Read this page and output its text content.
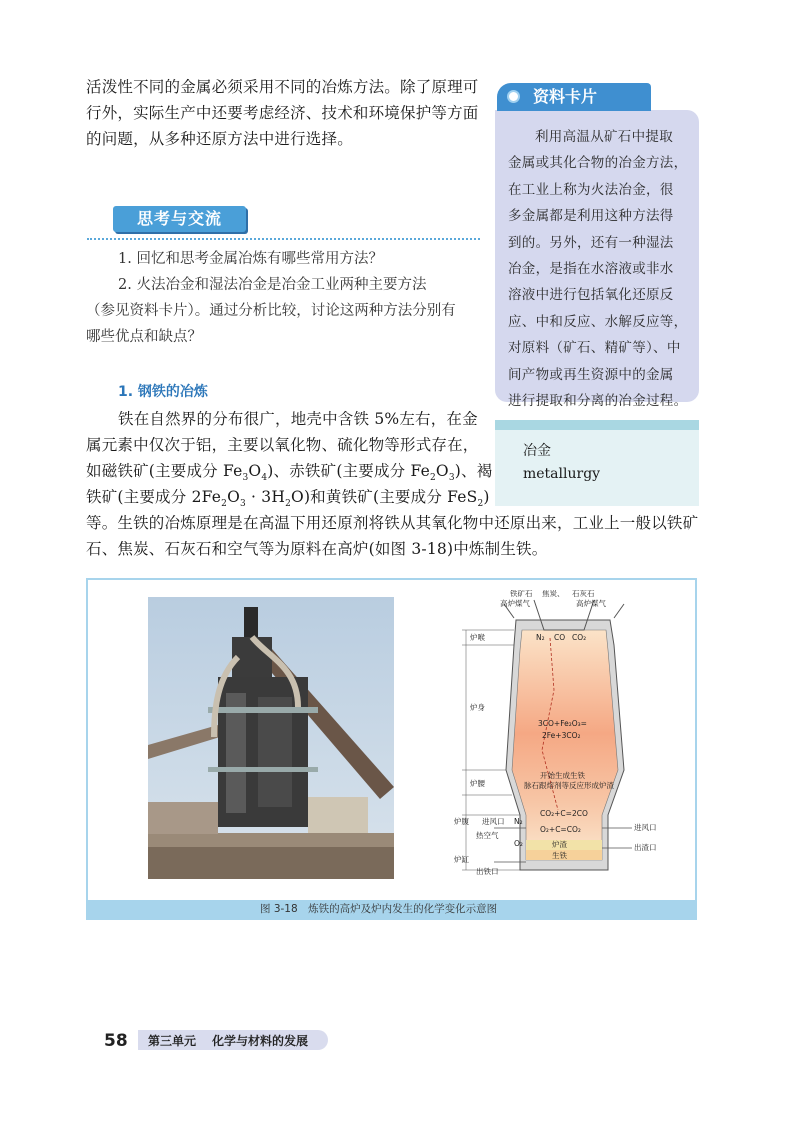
活泼性不同的金属必须采用不同的冶炼方法。除了原理可
行外，实际生产中还要考虑经济、技术和环境保护等方面
的问题，从多种还原方法中进行选择。
资料卡片
利用高温从矿石中提取
金属或其化合物的冶金方法，
在工业上称为火法冶金，很
多金属都是利用这种方法得
到的。另外，还有一种湿法
冶金，是指在水溶液或非水
溶液中进行包括氧化还原反
应、中和反应、水解反应等，
对原料（矿石、精矿等）、中
间产物或再生资源中的金属
进行提取和分离的冶金过程。
思考与交流
1. 回忆和思考金属冶炼有哪些常用方法？
2. 火法冶金和湿法冶金是冶金工业两种主要方法
（参见资料卡片）。通过分析比较，讨论这两种方法分别有
哪些优点和缺点？
冶金
metallurgy
1. 钢铁的冶炼
铁在自然界的分布很广，地壳中含铁 5%左右，在金
属元素中仅次于铝，主要以氧化物、硫化物等形式存在，
如磁铁矿(主要成分 $Fe_3O_4$)、赤铁矿(主要成分 $Fe_2O_3$)、褐
铁矿(主要成分 $2Fe_2O_3 \cdot 3H_2O$)和黄铁矿(主要成分 FeS$_2$)
等。生铁的冶炼原理是在高温下用还原剂将铁从其氧化物中还原出来，工业上一般以铁矿
石、焦炭、石灰石和空气等为原料在高炉(如图 3-18)中炼制生铁。
铁矿石 焦炭、 石灰石
高炉煤气	高炉煤气
N₂ CO CO₂
炉喉
炉身
炉腰
炉腹
炉缸
3CO+Fe₂O₃=
2Fe+3CO₂
开始生成生铁
脉石跟熔剂等反应形成炉渣
CO₂+C=2CO
O₂+C=CO₂
进风口
进风口
N₂
O₂
热空气
炉渣
生铁
出渣口
出铁口
图 3-18　炼铁的高炉及炉内发生的化学变化示意图
58 第三单元 化学与材料的发展
